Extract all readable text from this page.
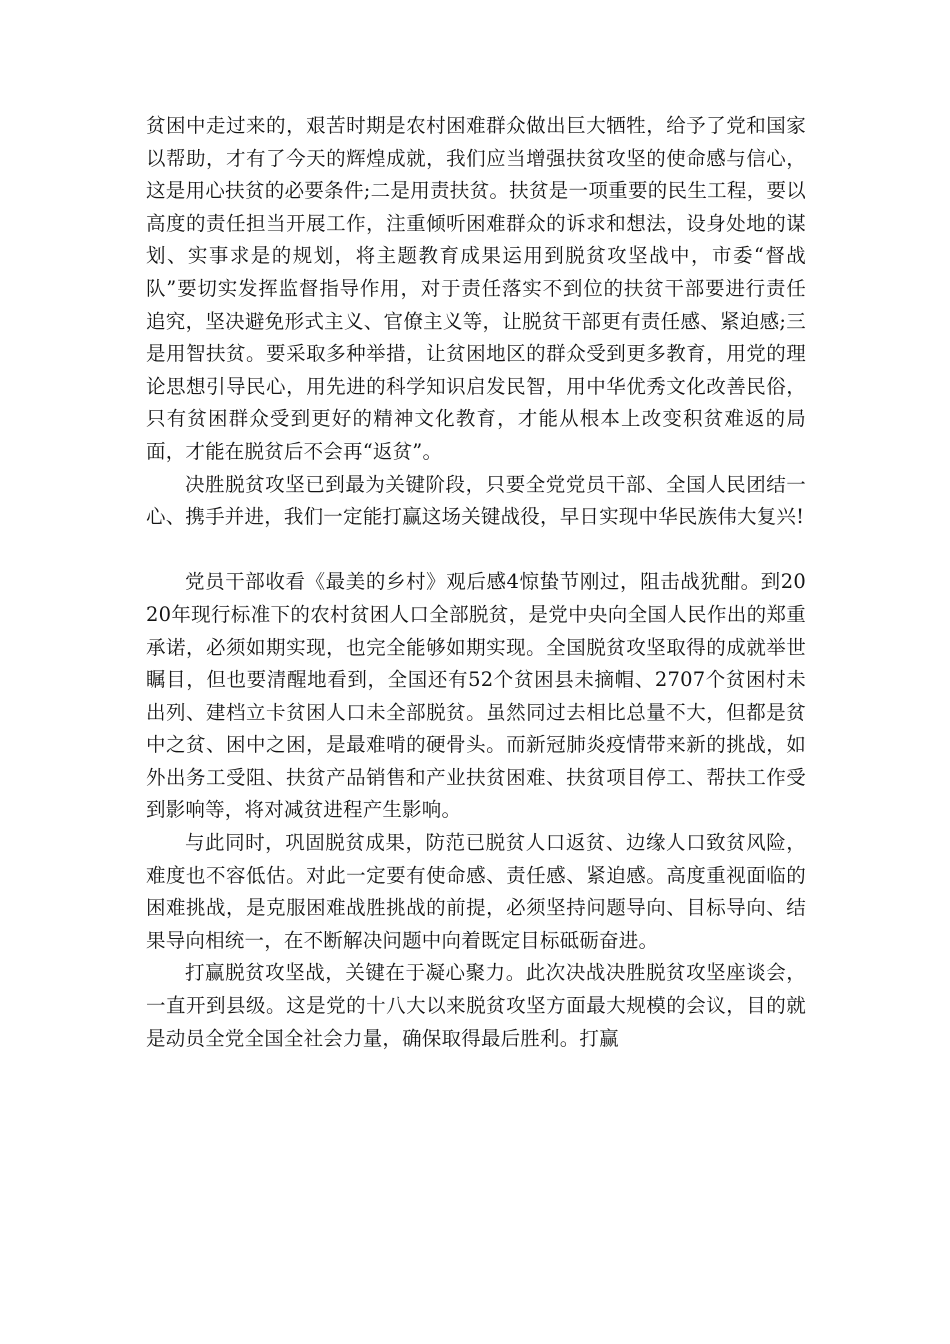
贫困中走过来的，艰苦时期是农村困难群众做出巨大牺牲，给予了党和国家以帮助，才有了今天的辉煌成就，我们应当增强扶贫攻坚的使命感与信心，这是用心扶贫的必要条件;二是用责扶贫。扶贫是一项重要的民生工程，要以高度的责任担当开展工作，注重倾听困难群众的诉求和想法，设身处地的谋划、实事求是的规划，将主题教育成果运用到脱贫攻坚战中，市委“督战队”要切实发挥监督指导作用，对于责任落实不到位的扶贫干部要进行责任追究，坚决避免形式主义、官僚主义等，让脱贫干部更有责任感、紧迫感;三是用智扶贫。要采取多种举措，让贫困地区的群众受到更多教育，用党的理论思想引导民心，用先进的科学知识启发民智，用中华优秀文化改善民俗，只有贫困群众受到更好的精神文化教育，才能从根本上改变积贫难返的局面，才能在脱贫后不会再“返贫”。

决胜脱贫攻坚已到最为关键阶段，只要全党党员干部、全国人民团结一心、携手并进，我们一定能打赢这场关键战役，早日实现中华民族伟大复兴!

党员干部收看《最美的乡村》观后感4惊蛰节刚过，阻击战犹酣。到2020年现行标准下的农村贫困人口全部脱贫，是党中央向全国人民作出的郑重承诺，必须如期实现，也完全能够如期实现。全国脱贫攻坚取得的成就举世瞩目，但也要清醒地看到，全国还有52个贫困县未摘帽、2707个贫困村未出列、建档立卡贫困人口未全部脱贫。虽然同过去相比总量不大，但都是贫中之贫、困中之困，是最难啃的硬骨头。而新冠肺炎疫情带来新的挑战，如外出务工受阻、扶贫产品销售和产业扶贫困难、扶贫项目停工、帮扶工作受到影响等，将对减贫进程产生影响。

与此同时，巩固脱贫成果，防范已脱贫人口返贫、边缘人口致贫风险，难度也不容低估。对此一定要有使命感、责任感、紧迫感。高度重视面临的困难挑战，是克服困难战胜挑战的前提，必须坚持问题导向、目标导向、结果导向相统一，在不断解决问题中向着既定目标砥砺奋进。

打赢脱贫攻坚战，关键在于凝心聚力。此次决战决胜脱贫攻坚座谈会，一直开到县级。这是党的十八大以来脱贫攻坚方面最大规模的会议，目的就是动员全党全国全社会力量，确保取得最后胜利。打赢
